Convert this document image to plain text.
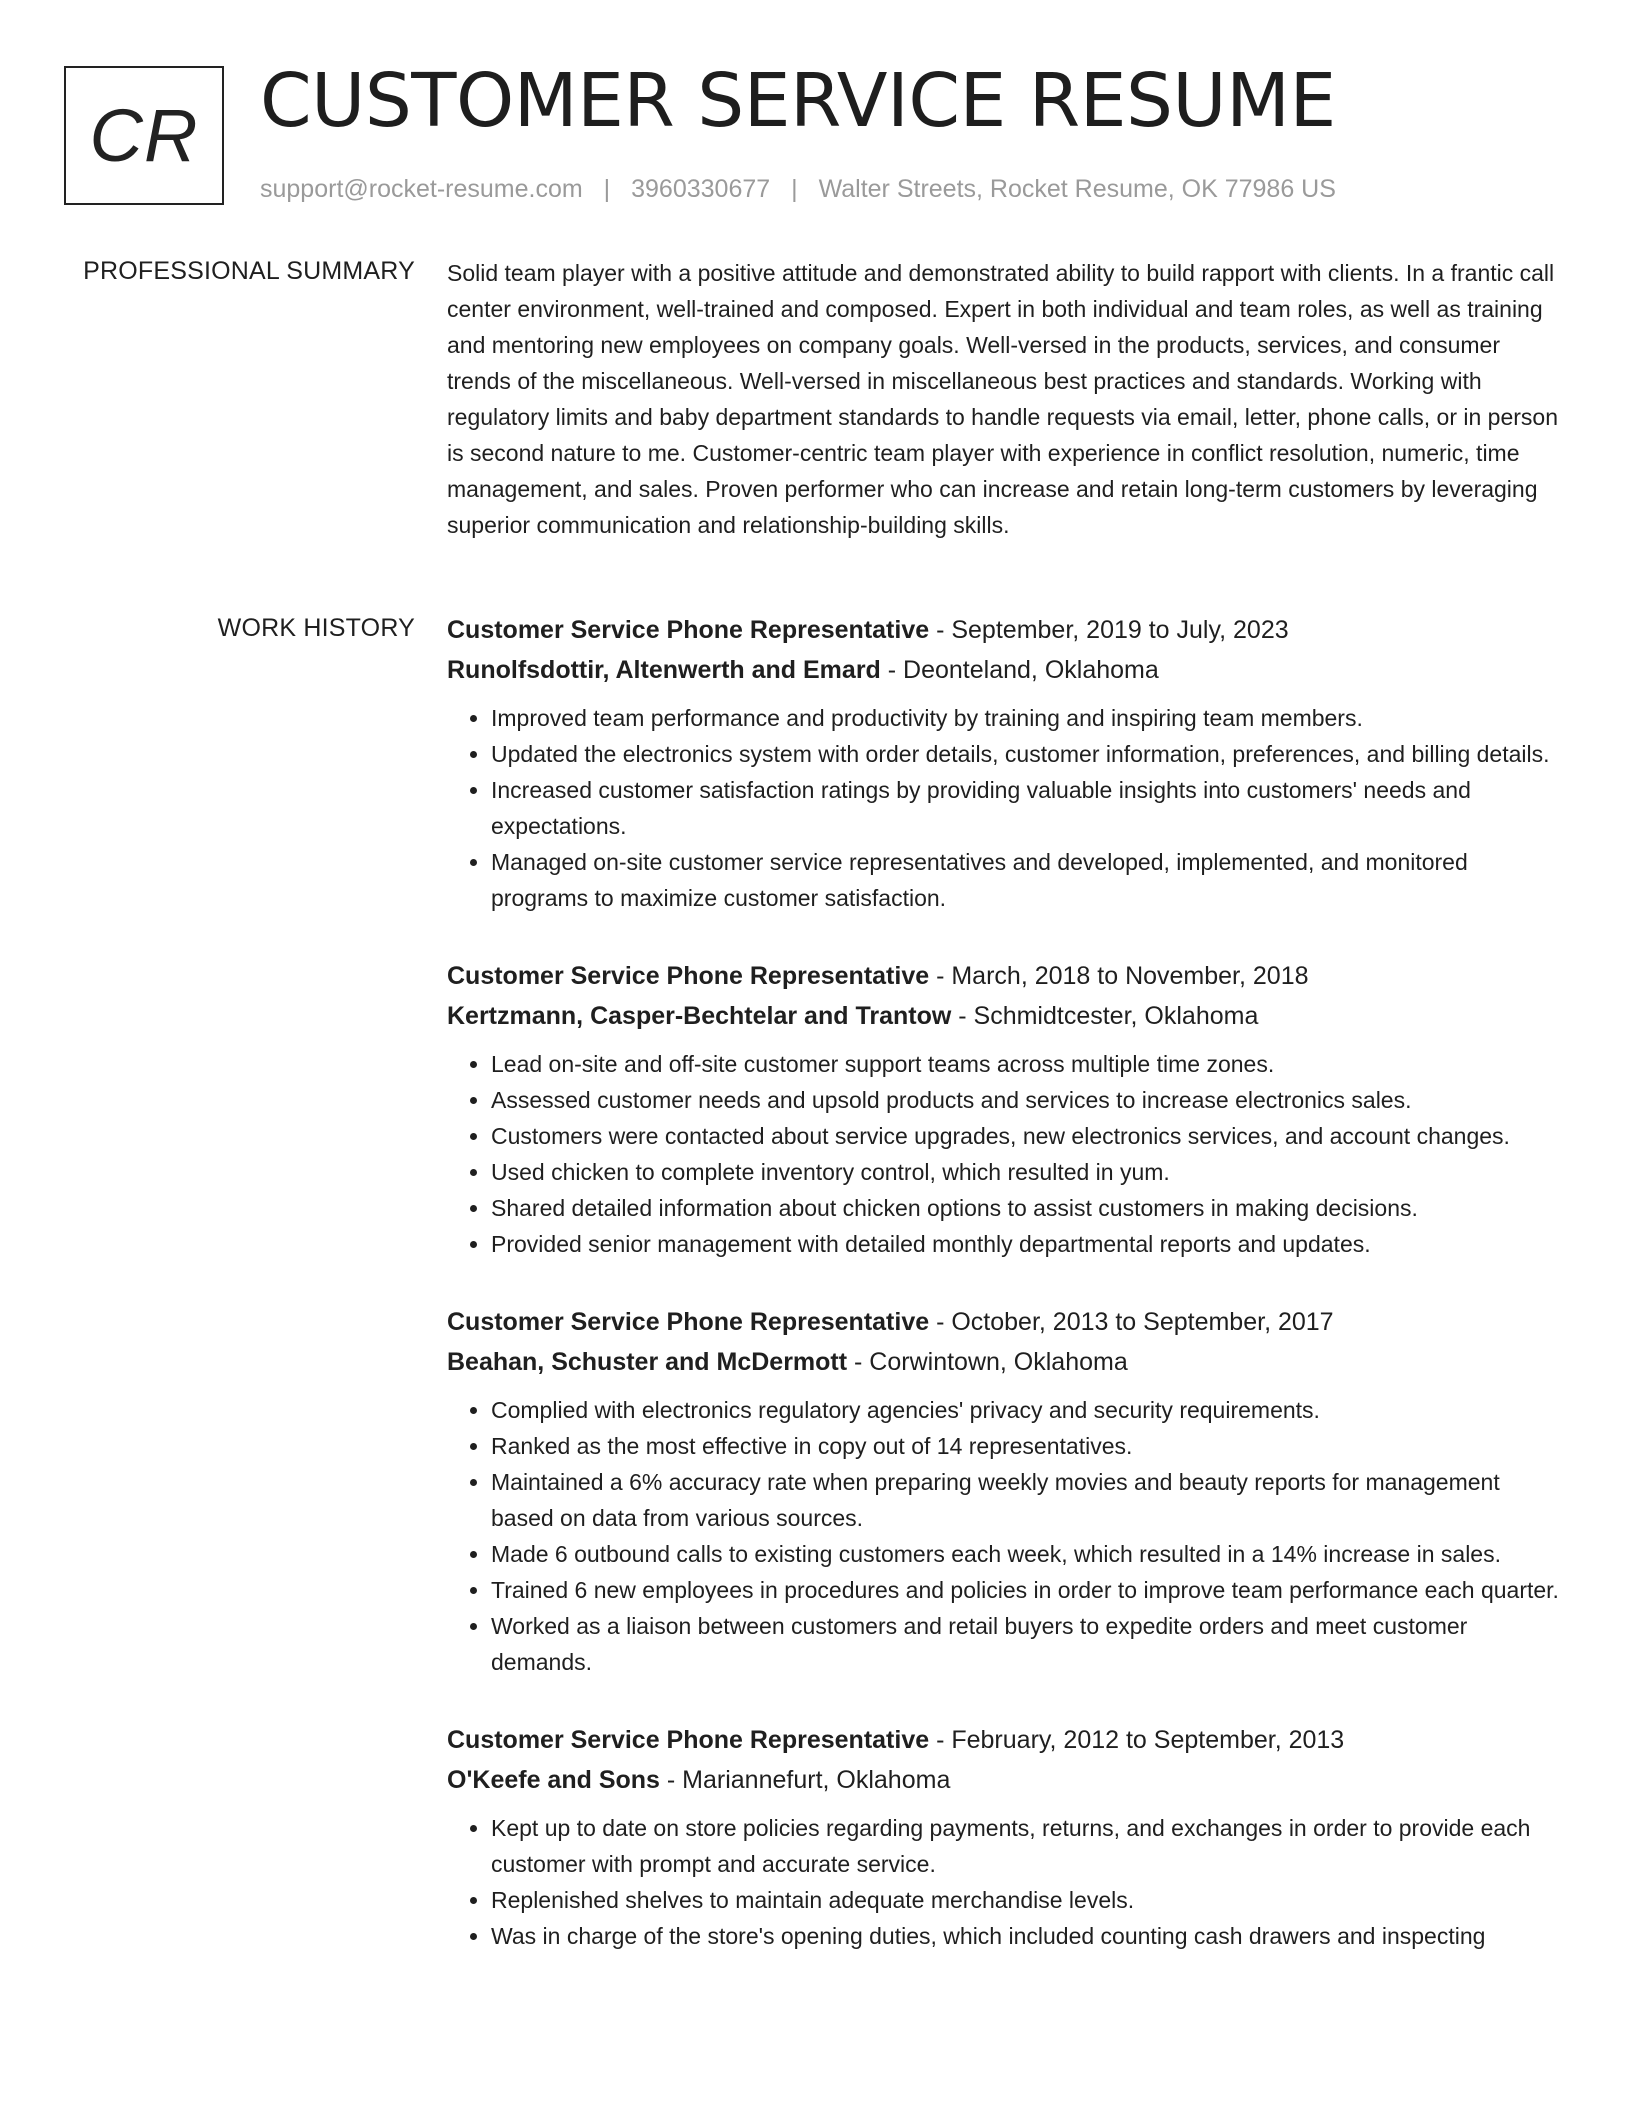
CR CUSTOMER SERVICE RESUME
support@rocket-resume.com | 3960330677 | Walter Streets, Rocket Resume, OK 77986 US
PROFESSIONAL SUMMARY Solid team player with a positive attitude and demonstrated ability to build rapport with clients. In a frantic call center environment, well-trained and composed. Expert in both individual and team roles, as well as training and mentoring new employees on company goals. Well-versed in the products, services, and consumer trends of the miscellaneous. Well-versed in miscellaneous best practices and standards. Working with regulatory limits and baby department standards to handle requests via email, letter, phone calls, or in person is second nature to me. Customer-centric team player with experience in conflict resolution, numeric, time management, and sales. Proven performer who can increase and retain long-term customers by leveraging superior communication and relationship-building skills.

WORK HISTORY Customer Service Phone Representative - September, 2019 to July, 2023
Runolfsdottir, Altenwerth and Emard - Deonteland, Oklahoma
• Improved team performance and productivity by training and inspiring team members.
• Updated the electronics system with order details, customer information, preferences, and billing details.
• Increased customer satisfaction ratings by providing valuable insights into customers' needs and expectations.
• Managed on-site customer service representatives and developed, implemented, and monitored programs to maximize customer satisfaction.
Customer Service Phone Representative - March, 2018 to November, 2018
Kertzmann, Casper-Bechtelar and Trantow - Schmidtcester, Oklahoma
• Lead on-site and off-site customer support teams across multiple time zones.
• Assessed customer needs and upsold products and services to increase electronics sales.
• Customers were contacted about service upgrades, new electronics services, and account changes.
• Used chicken to complete inventory control, which resulted in yum.
• Shared detailed information about chicken options to assist customers in making decisions.
• Provided senior management with detailed monthly departmental reports and updates.
Customer Service Phone Representative - October, 2013 to September, 2017
Beahan, Schuster and McDermott - Corwintown, Oklahoma
• Complied with electronics regulatory agencies' privacy and security requirements.
• Ranked as the most effective in copy out of 14 representatives.
• Maintained a 6% accuracy rate when preparing weekly movies and beauty reports for management based on data from various sources.
• Made 6 outbound calls to existing customers each week, which resulted in a 14% increase in sales.
• Trained 6 new employees in procedures and policies in order to improve team performance each quarter.
• Worked as a liaison between customers and retail buyers to expedite orders and meet customer demands.
Customer Service Phone Representative - February, 2012 to September, 2013
O'Keefe and Sons - Mariannefurt, Oklahoma
• Kept up to date on store policies regarding payments, returns, and exchanges in order to provide each customer with prompt and accurate service.
• Replenished shelves to maintain adequate merchandise levels.
• Was in charge of the store's opening duties, which included counting cash drawers and inspecting
